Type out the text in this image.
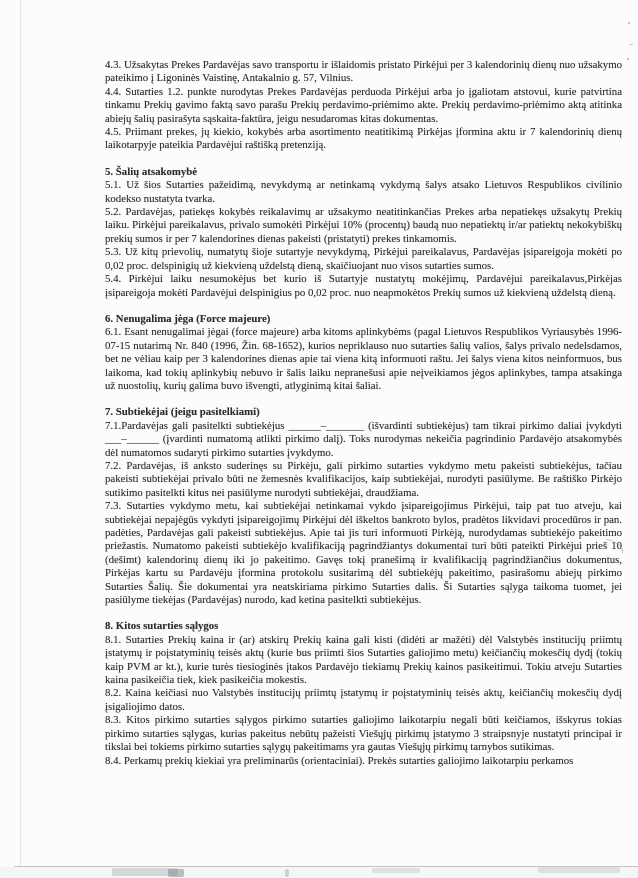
4.3. Užsakytas Prekes Pardavėjas savo transportu ir išlaidomis pristato Pirkėjui per 3 kalendorinių dienų nuo užsakymo pateikimo į Ligoninės Vaistinę, Antakalnio g. 57, Vilnius.

4.4. Sutarties 1.2. punkte nurodytas Prekes Pardavėjas perduoda Pirkėjui arba jo įgaliotam atstovui, kurie patvirtina tinkamu Prekių gavimo faktą savo parašu Prekių perdavimo-priėmimo akte. Prekių perdavimo-priėmimo aktą atitinka abiejų šalių pasirašyta sąskaita-faktūra, jeigu nesudaromas kitas dokumentas.

4.5. Priimant prekes, jų kiekio, kokybės arba asortimento neatitikimą Pirkėjas įformina aktu ir 7 kalendorinių dienų laikotarpyje pateikia Pardavėjui raštišką pretenziją.

5. Šalių atsakomybė

5.1. Už šios Sutarties pažeidimą, nevykdymą ar netinkamą vykdymą šalys atsako Lietuvos Respublikos civilinio kodekso nustatyta tvarka.

5.2. Pardavėjas, patiekęs kokybės reikalavimų ar užsakymo neatitinkančias Prekes arba nepatiekęs užsakytų Prekių laiku. Pirkėjui pareikalavus, privalo sumokėti Pirkėjui 10% (procentų) baudą nuo nepatiektų ir/ar patiektų nekokybiškų prekių sumos ir per 7 kalendorines dienas pakeisti (pristatyti) prekes tinkamomis.

5.3. Už kitų prievolių, numatytų šioje sutartyje nevykdymą, Pirkėjui pareikalavus, Pardavėjas įsipareigoja mokėti po 0,02 proc. delspinigių už kiekvieną uždelstą dieną, skaičiuojant nuo visos sutarties sumos.

5.4. Pirkėjui laiku nesumokėjus bet kurio iš Sutartyje nustatytų mokėjimų, Pardavėjui pareikalavus,Pirkėjas įsipareigoja mokėti Pardavėjui delspinigius po 0,02 proc. nuo neapmokėtos Prekių sumos už kiekvieną uždelstą dieną.

6. Nenugalima jėga (Force majeure)

6.1. Esant nenugalimai jėgai (force majeure) arba kitoms aplinkybėms (pagal Lietuvos Respublikos Vyriausybės 1996-07-15 nutarimą Nr. 840 (1996, Žin. 68-1652), kurios nepriklauso nuo sutarties šalių valios, šalys privalo nedelsdamos, bet ne vėliau kaip per 3 kalendorines dienas apie tai viena kitą informuoti raštu. Jei šalys viena kitos neinformuos, bus laikoma, kad tokių aplinkybių nebuvo ir šalis laiku nepranešusi apie neįveikiamos jėgos aplinkybes, tampa atsakinga už nuostolių, kurių galima buvo išvengti, atlyginimą kitai šaliai.

7. Subtiekėjai (jeigu pasitelkiami)

7.1.Pardavėjas gali pasitelkti subtiekėjus ______–_______ (išvardinti subtiekėjus) tam tikrai pirkimo daliai įvykdyti ___–______ (įvardinti numatomą atlikti pirkimo dalį). Toks nurodymas nekeičia pagrindinio Pardavėjo atsakomybės dėl numatomos sudaryti pirkimo sutarties įvykdymo.

7.2. Pardavėjas, iš anksto suderinęs su Pirkėju, gali pirkimo sutarties vykdymo metu pakeisti subtiekėjus, tačiau pakeisti subtiekėjai privalo būti ne žemesnės kvalifikacijos, kaip subtiekėjai, nurodyti pasiūlyme. Be raštiško Pirkėjo sutikimo pasitelkti kitus nei pasiūlyme nurodyti subtiekėjai, draudžiama.

7.3. Sutarties vykdymo metu, kai subtiekėjai netinkamai vykdo įsipareigojimus Pirkėjui, taip pat tuo atveju, kai subtiekėjai nepajėgūs vykdyti įsipareigojimų Pirkėjui dėl iškeltos bankroto bylos, pradėtos likvidavi procedūros ir pan. padėties, Pardavėjas gali pakeisti subtiekėjus. Apie tai jis turi informuoti Pirkėją, nurodydamas subtiekėjo pakeitimo priežastis. Numatomo pakeisti subtiekėjo kvalifikaciją pagrindžiantys dokumentai turi būti pateikti Pirkėjui prieš 10 (dešimt) kalendorinų dienų iki jo pakeitimo. Gavęs tokį pranešimą ir kvalifikaciją pagrindžiančius dokumentus, Pirkėjas kartu su Pardavėju įformina protokolu susitarimą dėl subtiekėjų pakeitimo, pasirašomu abiejų pirkimo Sutarties Šalių. Šie dokumentai yra neatskiriama pirkimo Sutarties dalis. Ši Sutarties sąlyga taikoma tuomet, jei pasiūlyme tiekėjas (Pardavėjas) nurodo, kad ketina pasitelkti subtiekėjus.

8. Kitos sutarties sąlygos

8.1. Sutarties Prekių kaina ir (ar) atskirų Prekių kaina gali kisti (didėti ar mažėti) dėl Valstybės institucijų priimtų įstatymų ir poįstatyminių teisės aktų (kurie bus priimti šios Sutarties galiojimo metu) keičiančių mokesčių dydį (tokių kaip PVM ar kt.), kurie turės tiesioginės įtakos Pardavėjo tiekiamų Prekių kainos pasikeitimui. Tokiu atveju Sutarties kaina pasikeičia tiek, kiek pasikeičia mokestis.

8.2. Kaina keičiasi nuo Valstybės institucijų priimtų įstatymų ir poįstatyminių teisės aktų, keičiančių mokesčių dydį įsigaliojimo datos.

8.3. Kitos pirkimo sutarties sąlygos pirkimo sutarties galiojimo laikotarpiu negali būti keičiamos, išskyrus tokias pirkimo sutarties sąlygas, kurias pakeitus nebūtų pažeisti Viešųjų pirkimų įstatymo 3 straipsnyje nustatyti principai ir tikslai bei tokiems pirkimo sutarties sąlygų pakeitimams yra gautas Viešųjų pirkimų tarnybos sutikimas.

8.4. Perkamų prekių kiekiai yra preliminarūs (orientaciniai). Prekės sutarties galiojimo laikotarpiu perkamos
